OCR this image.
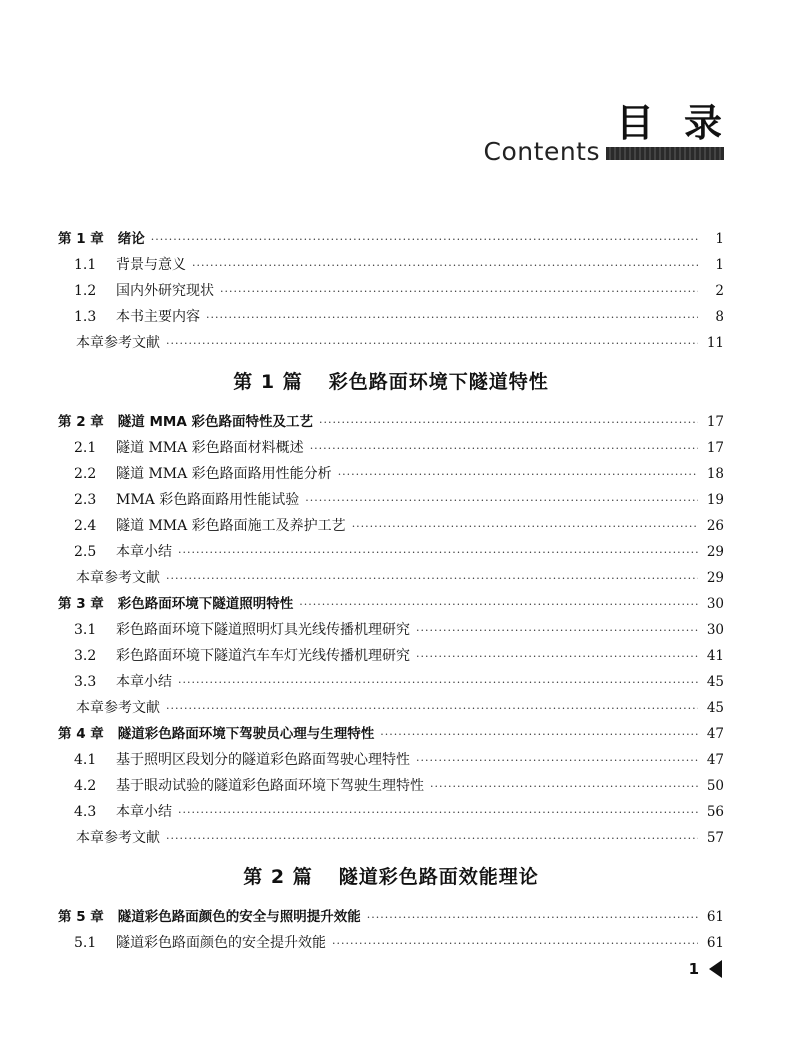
目录
Contents
第 1 章 绪论 ·····	1
1.1 背景与意义 ·····	1
1.2 国内外研究现状 ·····	2
1.3 本书主要内容 ·····	8
本章参考文献 ·····	11
第 1 篇 彩色路面环境下隧道特性
第 2 章 隧道 MMA 彩色路面特性及工艺 ·····	17
2.1 隧道 MMA 彩色路面材料概述 ·····	17
2.2 隧道 MMA 彩色路面路用性能分析 ·····	18
2.3 MMA 彩色路面路用性能试验 ·····	19
2.4 隧道 MMA 彩色路面施工及养护工艺 ·····	26
2.5 本章小结 ·····	29
本章参考文献 ·····	29
第 3 章 彩色路面环境下隧道照明特性 ·····	30
3.1 彩色路面环境下隧道照明灯具光线传播机理研究 ·····	30
3.2 彩色路面环境下隧道汽车车灯光线传播机理研究 ·····	41
3.3 本章小结 ·····	45
本章参考文献 ·····	45
第 4 章 隧道彩色路面环境下驾驶员心理与生理特性 ·····	47
4.1 基于照明区段划分的隧道彩色路面驾驶心理特性 ·····	47
4.2 基于眼动试验的隧道彩色路面环境下驾驶生理特性 ·····	50
4.3 本章小结 ·····	56
本章参考文献 ·····	57
第 2 篇 隧道彩色路面效能理论
第 5 章 隧道彩色路面颜色的安全与照明提升效能 ·····	61
5.1 隧道彩色路面颜色的安全提升效能 ·····	61
1
